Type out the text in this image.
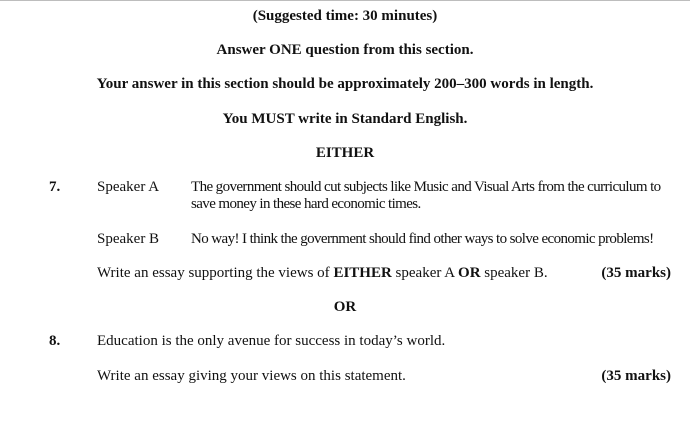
(Suggested time: 30 minutes)
Answer ONE question from this section.
Your answer in this section should be approximately 200–300 words in length.
You MUST write in Standard English.
EITHER
7. Speaker A The government should cut subjects like Music and Visual Arts from the curriculum to save money in these hard economic times.
Speaker B No way! I think the government should find other ways to solve economic problems!
Write an essay supporting the views of EITHER speaker A OR speaker B.	(35 marks)
OR
8. Education is the only avenue for success in today’s world.
Write an essay giving your views on this statement.	(35 marks)
